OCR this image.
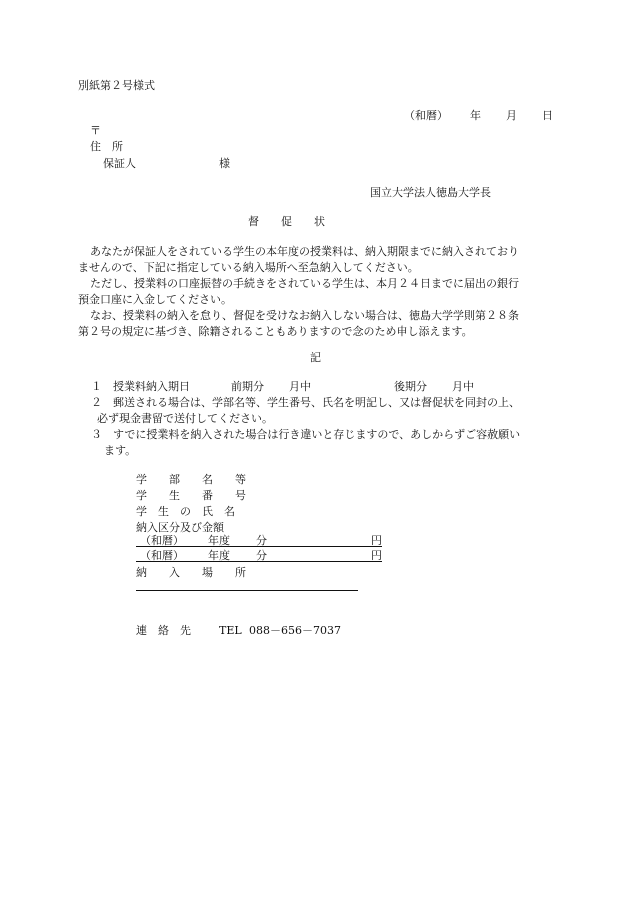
別紙第２号様式
（和暦） 年 月 日
〒
住　所
保証人	様
国立大学法人徳島大学長
督　　促　　状
あなたが保証人をされている学生の本年度の授業料は、納入期限までに納入されており
ませんので、下記に指定している納入場所へ至急納入してください。
ただし、授業料の口座振替の手続きをされている学生は、本月２４日までに届出の銀行
預金口座に入金してください。
なお、授業料の納入を怠り、督促を受けなお納入しない場合は、徳島大学学則第２８条
第２号の規定に基づき、除籍されることもありますので念のため申し添えます。
記
１ 授業料納入期日	前期分 月中	後期分 月中
２ 郵送される場合は、学部名等、学生番号、氏名を明記し、又は督促状を同封の上、
必ず現金書留で送付してください。
３ すでに授業料を納入された場合は行き違いと存じますので、あしからずご容赦願い
ます。
学　　部　　名　　等
学　　生　　番　　号
学　生　の　氏　名
納入区分及び金額
（和暦） 年度 分	円
（和暦） 年度 分	円
納　　入　　場　　所
連　絡　先	TEL 088－656－7037
